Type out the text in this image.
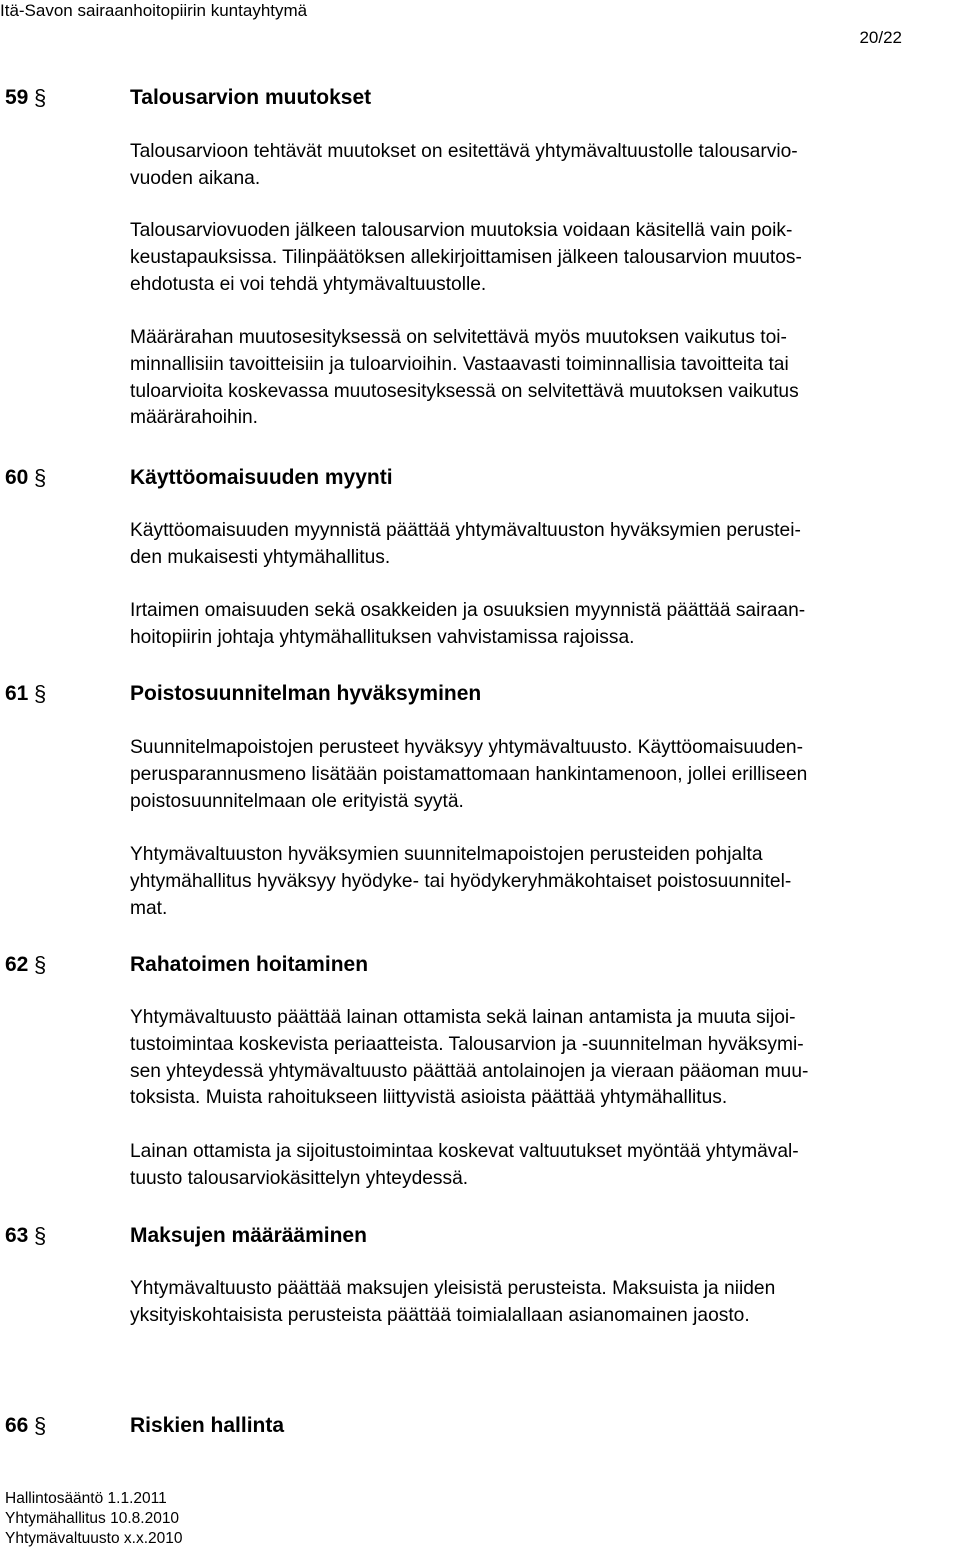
Itä-Savon sairaanhoitopiirin kuntayhtymä
20/22
59 §	Talousarvion muutokset
Talousarvioon tehtävät muutokset on esitettävä yhtymävaltuustolle talousarvio-
vuoden aikana.
Talousarviovuoden jälkeen talousarvion muutoksia voidaan käsitellä vain poik-
keustapauksissa. Tilinpäätöksen allekirjoittamisen jälkeen talousarvion muutos-
ehdotusta ei voi tehdä yhtymävaltuustolle.
Määrärahan muutosesityksessä on selvitettävä myös muutoksen vaikutus toi-
minnallisiin tavoitteisiin ja tuloarvioihin. Vastaavasti toiminnallisia tavoitteita tai
tuloarvioita koskevassa muutosesityksessä on selvitettävä muutoksen vaikutus
määrärahoihin.
60 §	Käyttöomaisuuden myynti
Käyttöomaisuuden myynnistä päättää yhtymävaltuuston hyväksymien perustei-
den mukaisesti yhtymähallitus.
Irtaimen omaisuuden sekä osakkeiden ja osuuksien myynnistä päättää sairaan-
hoitopiirin johtaja yhtymähallituksen vahvistamissa rajoissa.
61 §	Poistosuunnitelman hyväksyminen
Suunnitelmapoistojen perusteet hyväksyy yhtymävaltuusto. Käyttöomaisuuden-
perusparannusmeno lisätään poistamattomaan hankintamenoon, jollei erilliseen
poistosuunnitelmaan ole erityistä syytä.
Yhtymävaltuuston hyväksymien suunnitelmapoistojen perusteiden pohjalta
yhtymähallitus hyväksyy hyödyke- tai hyödykeryhmäkohtaiset poistosuunnitel-
mat.
62 §	Rahatoimen hoitaminen
Yhtymävaltuusto päättää lainan ottamista sekä lainan antamista ja muuta sijoi-
tustoimintaa koskevista periaatteista. Talousarvion ja -suunnitelman hyväksymi-
sen yhteydessä yhtymävaltuusto päättää antolainojen ja vieraan pääoman muu-
toksista. Muista rahoitukseen liittyvistä asioista päättää yhtymähallitus.
Lainan ottamista ja sijoitustoimintaa koskevat valtuutukset myöntää yhtymäval-
tuusto talousarviokäsittelyn yhteydessä.
63 §	Maksujen määrääminen
Yhtymävaltuusto päättää maksujen yleisistä perusteista. Maksuista ja niiden
yksityiskohtaisista perusteista päättää toimialallaan asianomainen jaosto.
66 §	Riskien hallinta
Hallintosääntö 1.1.2011
Yhtymähallitus 10.8.2010
Yhtymävaltuusto x.x.2010
